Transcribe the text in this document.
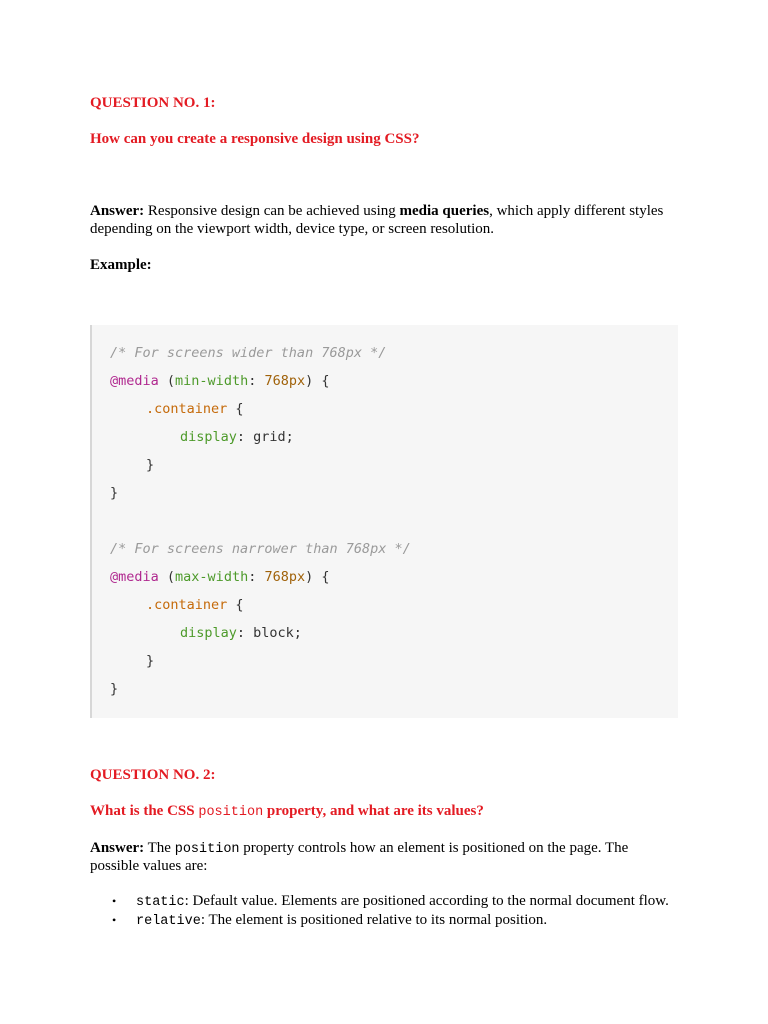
QUESTION NO. 1:
How can you create a responsive design using CSS?
Answer: Responsive design can be achieved using media queries, which apply different styles
depending on the viewport width, device type, or screen resolution.
Example:
/* For screens wider than 768px */
@media (min-width: 768px) {
.container {
display: grid;
}
}
/* For screens narrower than 768px */
@media (max-width: 768px) {
.container {
display: block;
}
}
QUESTION NO. 2:
What is the CSS position property, and what are its values?
Answer: The position property controls how an element is positioned on the page. The
possible values are:
• static: Default value. Elements are positioned according to the normal document flow.
• relative: The element is positioned relative to its normal position.
